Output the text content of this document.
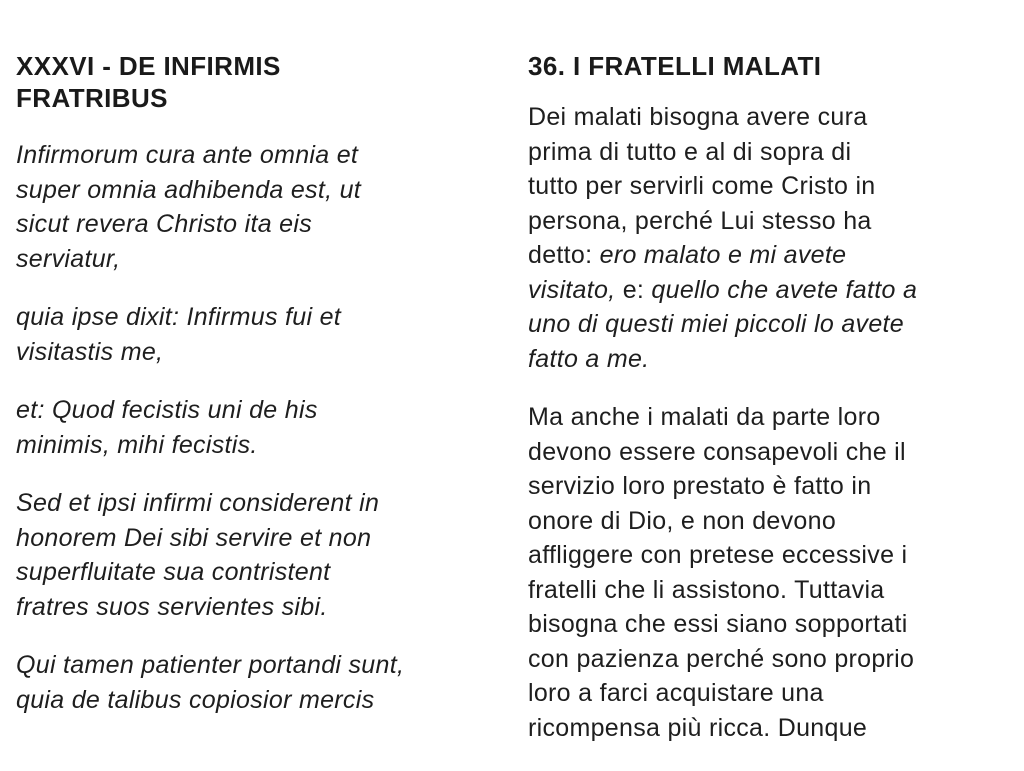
XXXVI - DE INFIRMIS
FRATRIBUS
Infirmorum cura ante omnia et
super omnia adhibenda est, ut
sicut revera Christo ita eis
serviatur,
quia ipse dixit: Infirmus fui et
visitastis me,
et: Quod fecistis uni de his
minimis, mihi fecistis.
Sed et ipsi infirmi considerent in
honorem Dei sibi servire et non
superfluitate sua contristent
fratres suos servientes sibi.
Qui tamen patienter portandi sunt,
quia de talibus copiosior mercis
36. I FRATELLI MALATI
Dei malati bisogna avere cura
prima di tutto e al di sopra di
tutto per servirli come Cristo in
persona, perché Lui stesso ha
detto: ero malato e mi avete
visitato, e: quello che avete fatto a
uno di questi miei piccoli lo avete
fatto a me.
Ma anche i malati da parte loro
devono essere consapevoli che il
servizio loro prestato è fatto in
onore di Dio, e non devono
affliggere con pretese eccessive i
fratelli che li assistono. Tuttavia
bisogna che essi siano sopportati
con pazienza perché sono proprio
loro a farci acquistare una
ricompensa più ricca. Dunque
